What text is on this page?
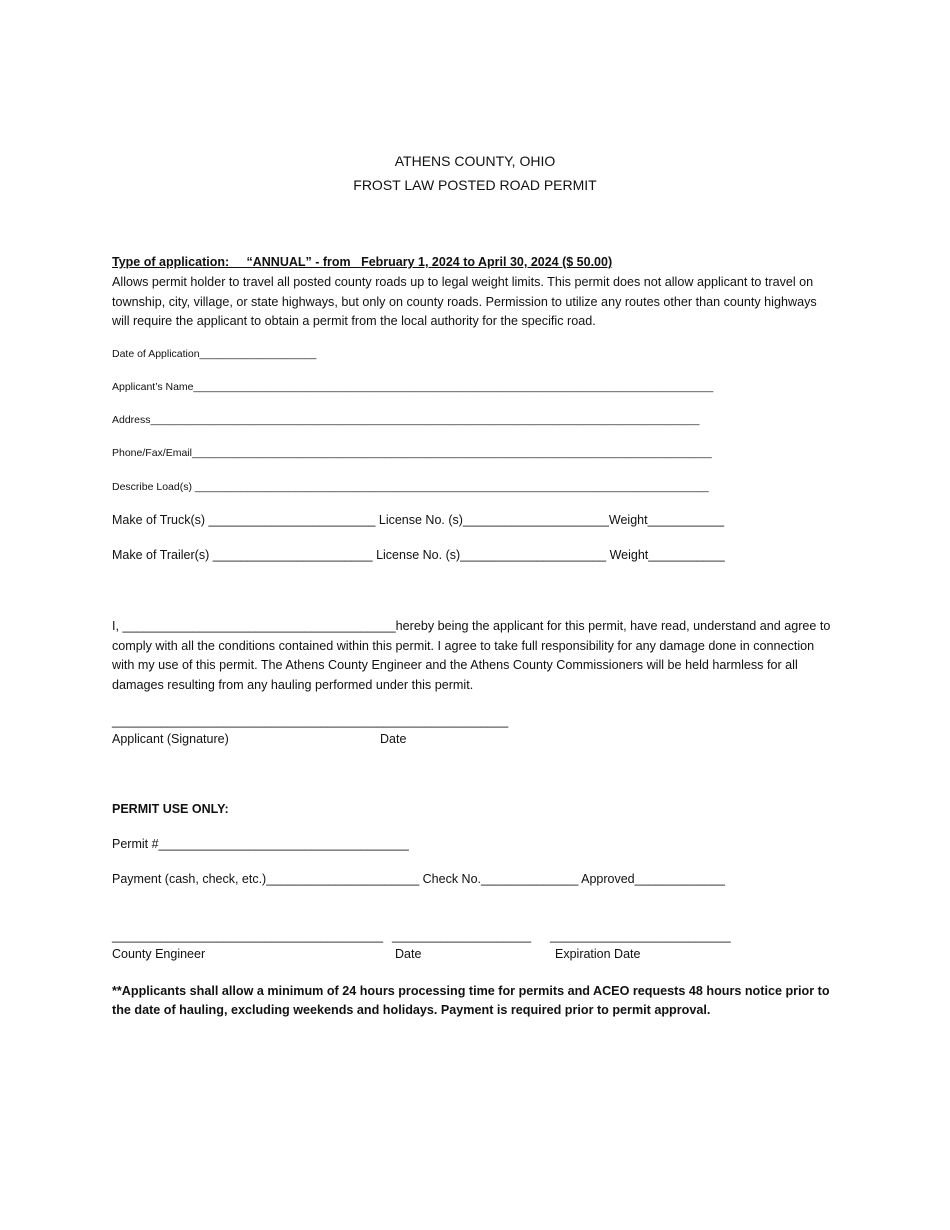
ATHENS COUNTY, OHIO
FROST LAW POSTED ROAD PERMIT
Type of application:     “ANNUAL” - from   February 1, 2024 to April 30, 2024 ($ 50.00)
Allows permit holder to travel all posted county roads up to legal weight limits. This permit does not allow applicant to travel on township, city, village, or state highways, but only on county roads. Permission to utilize any routes other than county highways will require the applicant to obtain a permit from the local authority for the specific road.
Date of Application____________________
Applicant’s Name_________________________________________________________________________________________
Address______________________________________________________________________________________________
Phone/Fax/Email_________________________________________________________________________________________
Describe Load(s) ________________________________________________________________________________________
Make of Truck(s) ________________________ License No. (s)_____________________Weight___________
Make of Trailer(s) _______________________ License No. (s)_____________________ Weight___________
I, _______________________________________hereby being the applicant for this permit, have read, understand and agree to comply with all the conditions contained within this permit. I agree to take full responsibility for any damage done in connection with my use of this permit. The Athens County Engineer and the Athens County Commissioners will be held harmless for all damages resulting from any hauling performed under this permit.
_________________________________________________________
Applicant (Signature)	Date
PERMIT USE ONLY:
Permit #____________________________________
Payment (cash, check, etc.)______________________ Check No.______________ Approved_____________
_______________________________________ ____________________ __________________________
County Engineer	Date	Expiration Date
**Applicants shall allow a minimum of 24 hours processing time for permits and ACEO requests 48 hours notice prior to the date of hauling, excluding weekends and holidays. Payment is required prior to permit approval.
